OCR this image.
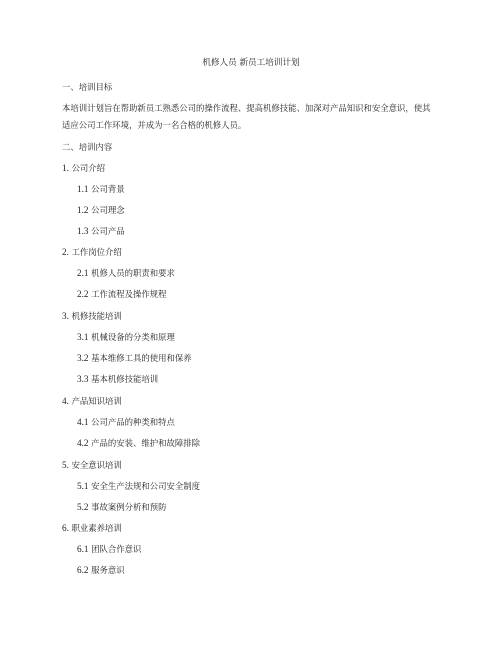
机修人员 新员工培训计划
一、培训目标
本培训计划旨在帮助新员工熟悉公司的操作流程、提高机修技能、加深对产品知识和安全意识，使其适应公司工作环境，并成为一名合格的机修人员。
二、培训内容
1. 公司介绍
1.1 公司背景
1.2 公司理念
1.3 公司产品
2. 工作岗位介绍
2.1 机修人员的职责和要求
2.2 工作流程及操作规程
3. 机修技能培训
3.1 机械设备的分类和原理
3.2 基本维修工具的使用和保养
3.3 基本机修技能培训
4. 产品知识培训
4.1 公司产品的种类和特点
4.2 产品的安装、维护和故障排除
5. 安全意识培训
5.1 安全生产法规和公司安全制度
5.2 事故案例分析和预防
6. 职业素养培训
6.1 团队合作意识
6.2 服务意识
